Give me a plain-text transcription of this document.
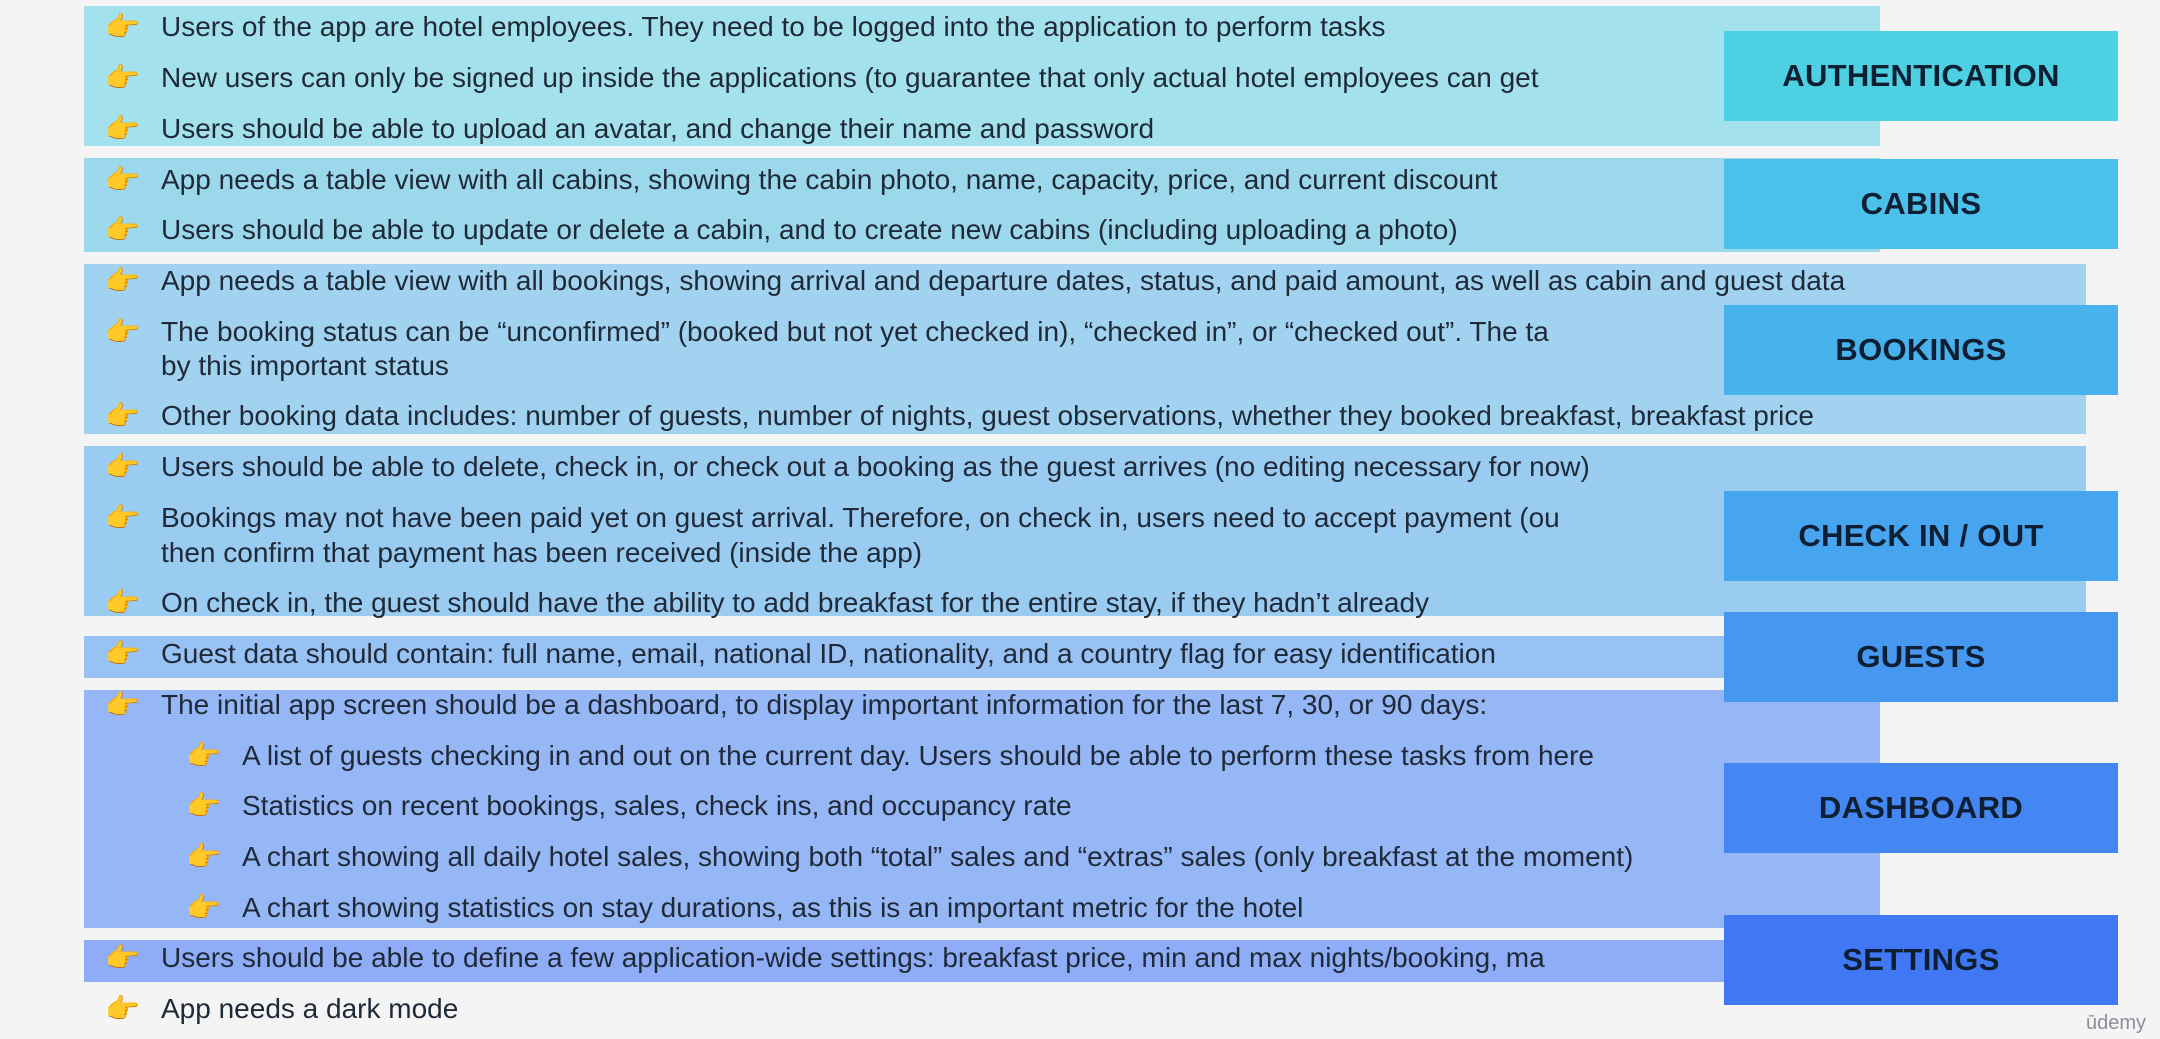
👉 Users of the app are hotel employees. They need to be logged into the application to perform tasks
👉 New users can only be signed up inside the applications (to guarantee that only actual hotel employees can get
👉 Users should be able to upload an avatar, and change their name and password
👉 App needs a table view with all cabins, showing the cabin photo, name, capacity, price, and current discount
👉 Users should be able to update or delete a cabin, and to create new cabins (including uploading a photo)
👉 App needs a table view with all bookings, showing arrival and departure dates, status, and paid amount, as well as cabin and guest data
👉 The booking status can be “unconfirmed” (booked but not yet checked in), “checked in”, or “checked out”. The ta
by this important status
👉 Other booking data includes: number of guests, number of nights, guest observations, whether they booked breakfast, breakfast price
👉 Users should be able to delete, check in, or check out a booking as the guest arrives (no editing necessary for now)
👉 Bookings may not have been paid yet on guest arrival. Therefore, on check in, users need to accept payment (ou
then confirm that payment has been received (inside the app)
👉 On check in, the guest should have the ability to add breakfast for the entire stay, if they hadn’t already
👉 Guest data should contain: full name, email, national ID, nationality, and a country flag for easy identification
👉 The initial app screen should be a dashboard, to display important information for the last 7, 30, or 90 days:
👉 A list of guests checking in and out on the current day. Users should be able to perform these tasks from here
👉 Statistics on recent bookings, sales, check ins, and occupancy rate
👉 A chart showing all daily hotel sales, showing both “total” sales and “extras” sales (only breakfast at the moment)
👉 A chart showing statistics on stay durations, as this is an important metric for the hotel
👉 Users should be able to define a few application-wide settings: breakfast price, min and max nights/booking, ma
👉 App needs a dark mode
AUTHENTICATION
CABINS
BOOKINGS
CHECK IN / OUT
GUESTS
DASHBOARD
SETTINGS
ūdemy
